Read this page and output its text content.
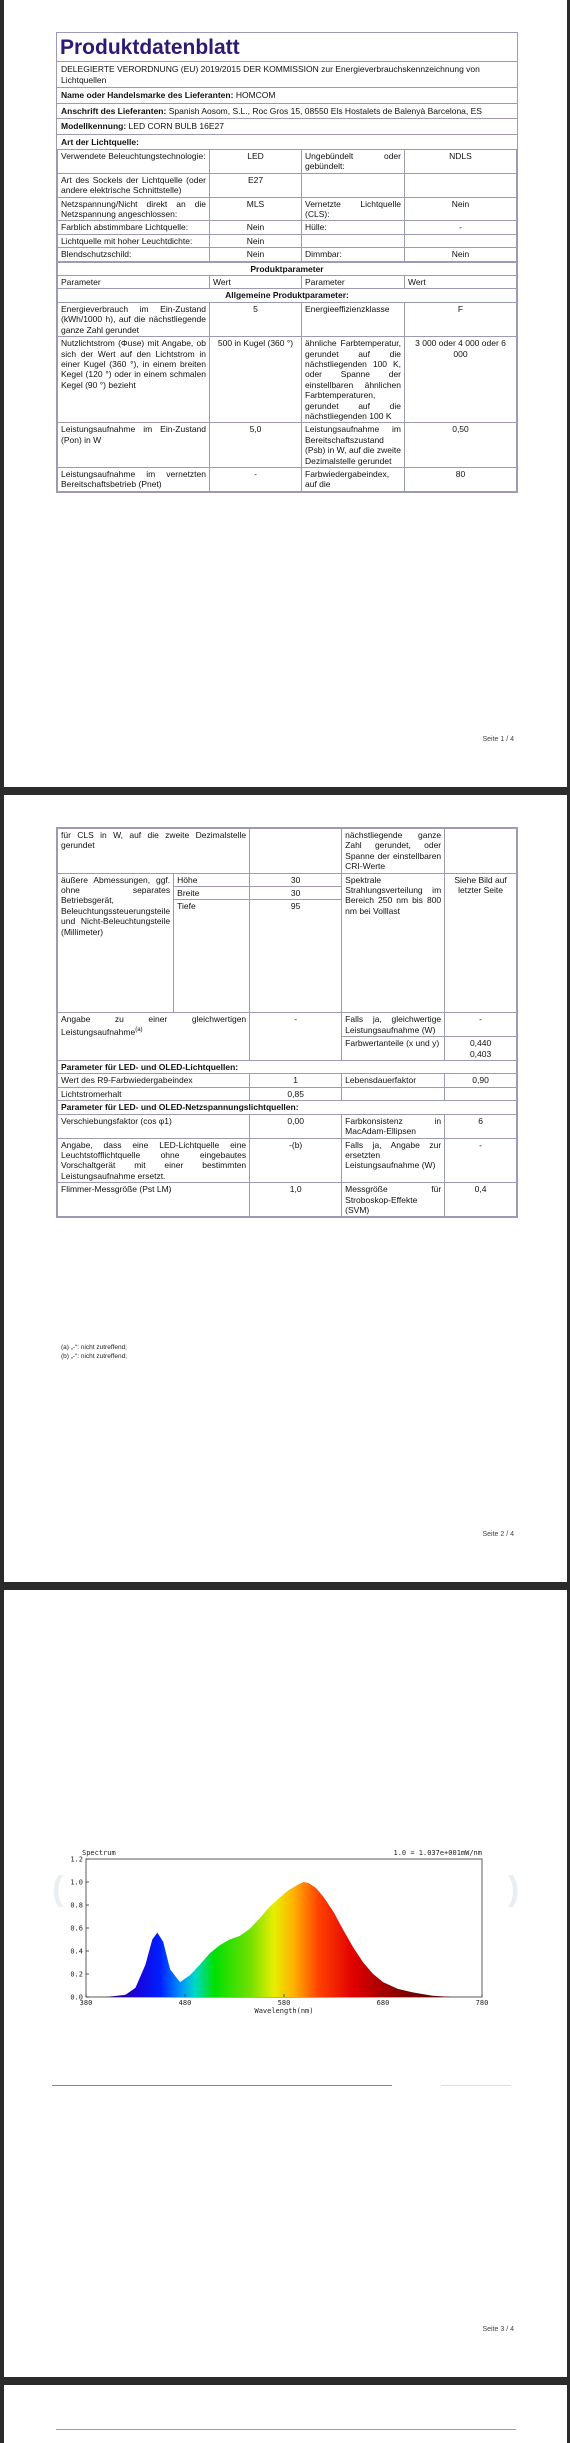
Produktdatenblatt
DELEGIERTE VERORDNUNG (EU) 2019/2015 DER KOMMISSION zur Energieverbrauchskennzeichnung von Lichtquellen
Name oder Handelsmarke des Lieferanten: HOMCOM
Anschrift des Lieferanten: Spanish Aosom, S.L., Roc Gros 15, 08550 Els Hostalets de Balenyà Barcelona, ES
Modellkennung: LED CORN BULB 16E27
Art der Lichtquelle:
Verwendete Beleuchtungstechnologie:	LED	Ungebündelt oder gebündelt:	NDLS
Art des Sockels der Lichtquelle (oder andere elektrische Schnittstelle)	E27		
Netzspannung/Nicht direkt an die Netzspannung angeschlossen:	MLS	Vernetzte Lichtquelle (CLS):	Nein
Farblich abstimmbare Lichtquelle:	Nein	Hülle:	-
Lichtquelle mit hoher Leuchtdichte:	Nein		
Blendschutzschild:	Nein	Dimmbar:	Nein
Produktparameter			
Parameter	Wert	Parameter	Wert
Allgemeine Produktparameter:			
Energieverbrauch im Ein-Zustand (kWh/1000 h), auf die nächstliegende ganze Zahl gerundet	5	Energieeffizienzklasse	F
Nutzlichtstrom (Φuse) mit Angabe, ob sich der Wert auf den Lichtstrom in einer Kugel (360 °), in einem breiten Kegel (120 °) oder in einem schmalen Kegel (90 °) bezieht	500 in Kugel (360 °)	ähnliche Farbtemperatur, gerundet auf die nächstliegenden 100 K, oder Spanne der einstellbaren ähnlichen Farbtemperaturen, gerundet auf die nächstliegenden 100 K	3 000 oder 4 000 oder 6 000
Leistungsaufnahme im Ein-Zustand (Pon) in W	5,0	Leistungsaufnahme im Bereitschaftszustand (Psb) in W, auf die zweite Dezimalstelle gerundet	0,50
Leistungsaufnahme im vernetzten Bereitschaftsbetrieb (Pnet)	-	Farbwiedergabeindex, auf die	80
Seite 1 / 4
für CLS in W, auf die zweite Dezimalstelle gerundet			nächstliegende ganze Zahl gerundet, oder Spanne der einstellbaren CRI-Werte	
äußere Abmessungen, ggf. ohne separates Betriebsgerät, Beleuchtungssteuerungsteile und Nicht-Beleuchtungsteile (Millimeter)	Höhe	30	Spektrale Strahlungsverteilung im Bereich 250 nm bis 800 nm bei Volllast	Siehe Bild auf letzter Seite
	Breite	30		
	Tiefe	95		
Angabe zu einer gleichwertigen Leistungsaufnahme$^{(a)}$		-	Falls ja, gleichwertige Leistungsaufnahme (W)	-
			Farbwertanteile (x und y)	0,440
0,403
Parameter für LED- und OLED-Lichtquellen:				
Wert des R9-Farbwiedergabeindex		1	Lebensdauerfaktor	0,90
Lichtstromerhalt		0,85		
Parameter für LED- und OLED-Netzspannungslichtquellen:				
Verschiebungsfaktor (cos φ1)		0,00	Farbkonsistenz in MacAdam-Ellipsen	6
Angabe, dass eine LED-Lichtquelle eine Leuchtstofflichtquelle ohne eingebautes Vorschaltgerät mit einer bestimmten Leistungsaufnahme ersetzt.		-(b)	Falls ja, Angabe zur ersetzten Leistungsaufnahme (W)	-
Flimmer-Messgröße (Pst LM)		1,0	Messgröße für Stroboskop-Effekte (SVM)	0,4
(a) „-“: nicht zutreffend;
(b) „-“: nicht zutreffend;
Seite 2 / 4
(	)
0.0
0.2
0.4
0.6
0.8
1.0
1.2
380	480	580	680	780
Spectrum	1.0 = 1.037e+001mW/nm
Wavelength(nm)
Seite 3 / 4
